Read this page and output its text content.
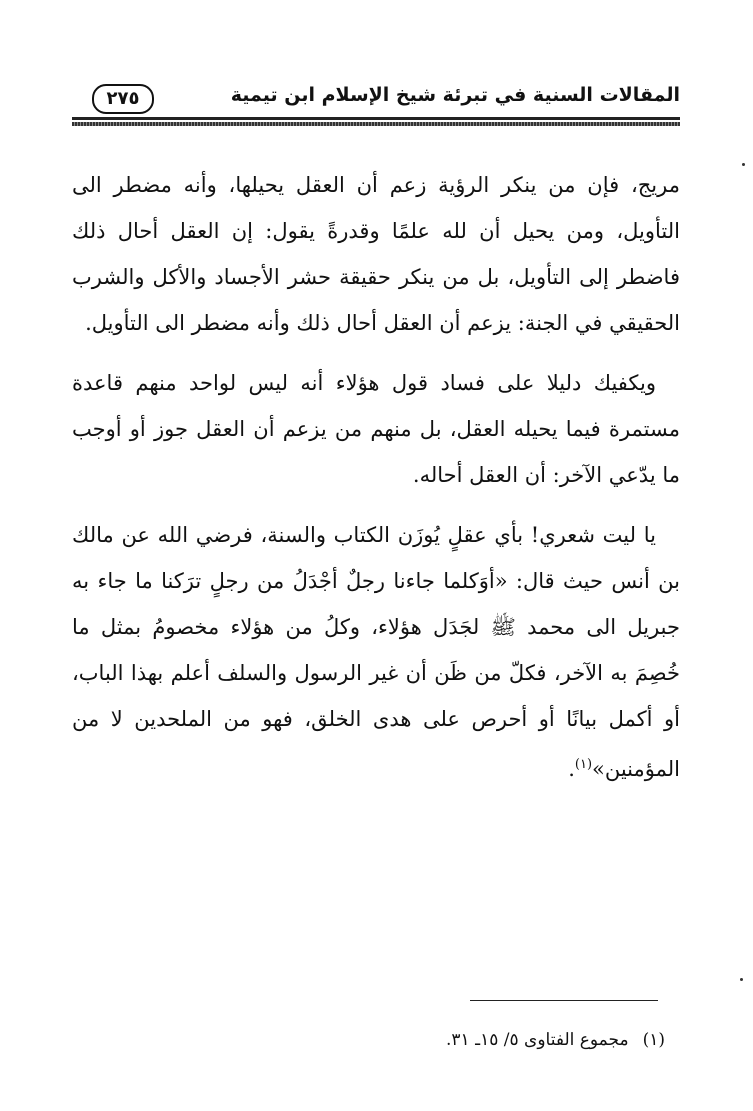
المقالات السنية في تبرئة شيخ الإسلام ابن تيمية
٢٧٥

مريج، فإن من ينكر الرؤية زعم أن العقل يحيلها، وأنه مضطر الى التأويل، ومن يحيل أن لله علمًا وقدرةً يقول: إن العقل أحال ذلك فاضطر إلى التأويل، بل من ينكر حقيقة حشر الأجساد والأكل والشرب الحقيقي في الجنة: يزعم أن العقل أحال ذلك وأنه مضطر الى التأويل.

ويكفيك دليلا على فساد قول هؤلاء أنه ليس لواحد منهم قاعدة مستمرة فيما يحيله العقل، بل منهم من يزعم أن العقل جوز أو أوجب ما يدّعي الآخر: أن العقل أحاله.

يا ليت شعري! بأي عقلٍ يُوزَن الكتاب والسنة، فرضي الله عن مالك بن أنس حيث قال: «أوَكلما جاءنا رجلٌ أجْدَلُ من رجلٍ ترَكنا ما جاء به جبريل الى محمد ﷺ لجَدَل هؤلاء، وكلُ من هؤلاء مخصومُ بمثل ما خُصِمَ به الآخر، فكلّ من ظَن أن غير الرسول والسلف أعلم بهذا الباب، أو أكمل بيانًا أو أحرص على هدى الخلق، فهو من الملحدين لا من المؤمنين»$^{(١)}$.

(١)مجموع الفتاوى ٥/ ١٥ـ ٣١.
